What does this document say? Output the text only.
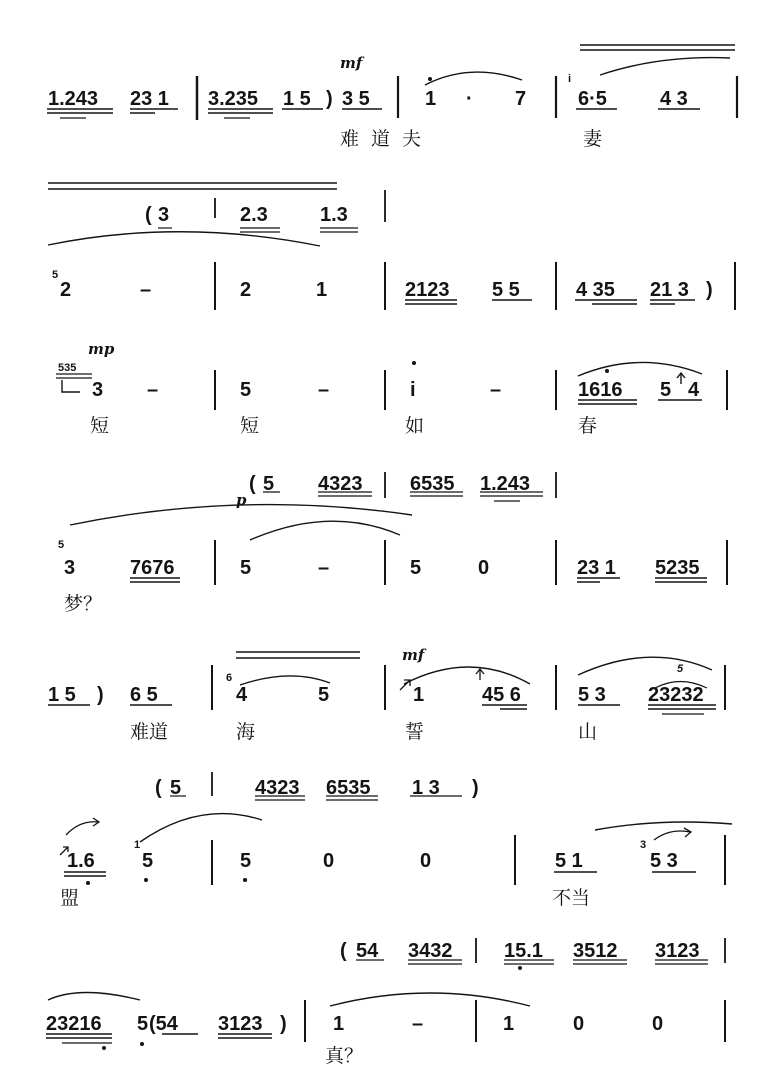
1.243 23 1 3.235 1 5 ) 3 5	1 · 7	6·5	4 3
i
mf
难道夫	妻
( 3	2.3	1.3
5
2	–	2	1	2123 5 5	4 35 21 3 )
mp
535
3 –	5	–	i	–	1616 5 4
短	短	如	春
p
( 5 4323 6535 1.243
5
3	7676	5	–	5	0	23 1 5235
梦？
mf
1 5 ) 6 5
6
4	5	1	45 6	5 3 23232
5
难道	海	誓	山
( 5	4323 6535 1 3 )
1.6
1
5	5	0	0	5 1
3
5 3
盟	不当
( 54 3432	15.1 3512 3123
23216 5 (54 3123 ) 1	–	1	0	0
真？
